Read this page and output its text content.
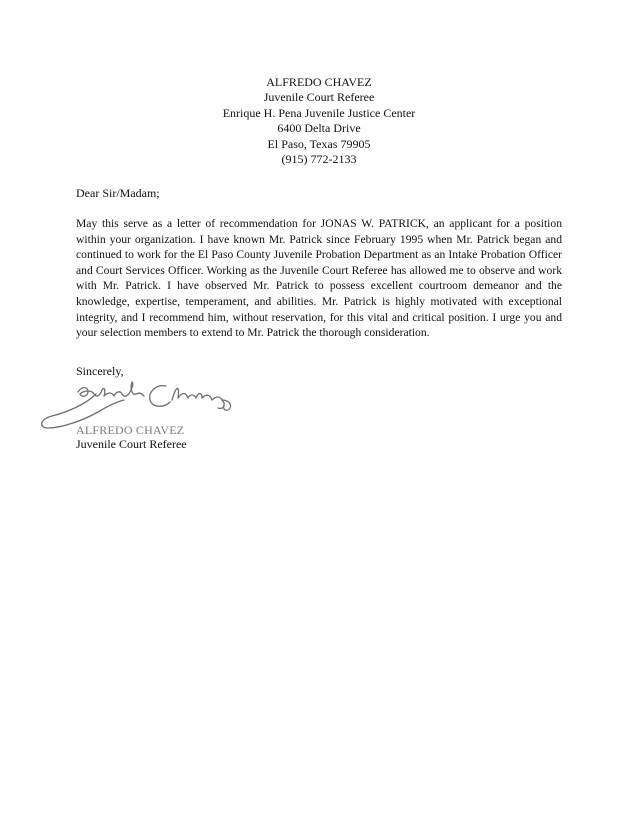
ALFREDO CHAVEZ
Juvenile Court Referee
Enrique H. Pena Juvenile Justice Center
6400 Delta Drive
El Paso, Texas 79905
(915) 772-2133
Dear Sir/Madam;

May this serve as a letter of recommendation for JONAS W. PATRICK, an applicant for a position within your organization. I have known Mr. Patrick since February 1995 when Mr. Patrick began and continued to work for the El Paso County Juvenile Probation Department as an Intake Probation Officer and Court Services Officer. Working as the Juvenile Court Referee has allowed me to observe and work with Mr. Patrick. I have observed Mr. Patrick to possess excellent courtroom demeanor and the knowledge, expertise, temperament, and abilities. Mr. Patrick is highly motivated with exceptional integrity, and I recommend him, without reservation, for this vital and critical position. I urge you and your selection members to extend to Mr. Patrick the thorough consideration.

Sincerely,
ALFREDO CHAVEZ
Juvenile Court Referee
